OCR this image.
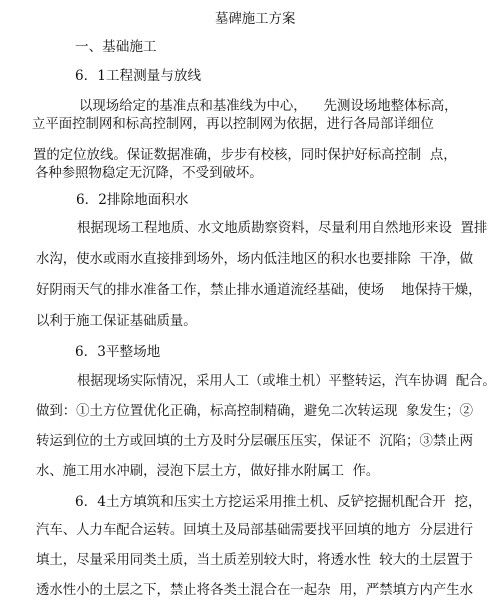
墓碑施工方案
一、基础施工
6．1工程测量与放线
以现场给定的基准点和基准线为中心，    先测设场地整体标高，
立平面控制网和标高控制网，再以控制网为依据，进行各局部详细位
置的定位放线。保证数据准确，步步有校核，同时保护好标高控制  点，
各种参照物稳定无沉降，不受到破坏。
6．2排除地面积水
根据现场工程地质、水文地质勘察资料，尽量利用自然地形来设  置排
水沟，使水或雨水直接排到场外，场内低洼地区的积水也要排除  干净，做
好阴雨天气的排水准备工作，禁止排水通道流经基础，使场    地保持干燥，
以利于施工保证基础质量。
6．3平整场地
根据现场实际情况，采用人工（或堆土机）平整转运，汽车协调  配合。
做到：①土方位置优化正确，标高控制精确，避免二次转运现  象发生；②
转运到位的土方或回填的土方及时分层碾压压实，保证不  沉陷；③禁止两
水、施工用水冲刷，浸泡下层土方，做好排水附属工  作。
6．4土方填筑和压实土方挖运采用推土机、反铲挖掘机配合开  挖，
汽车、人力车配合运转。回填土及局部基础需要找平回填的地方  分层进行
填土，尽量采用同类土质，当土质差别较大时，将透水性  较大的土层置于
透水性小的土层之下，禁止将各类土混合在一起杂  用，严禁填方内产生水
